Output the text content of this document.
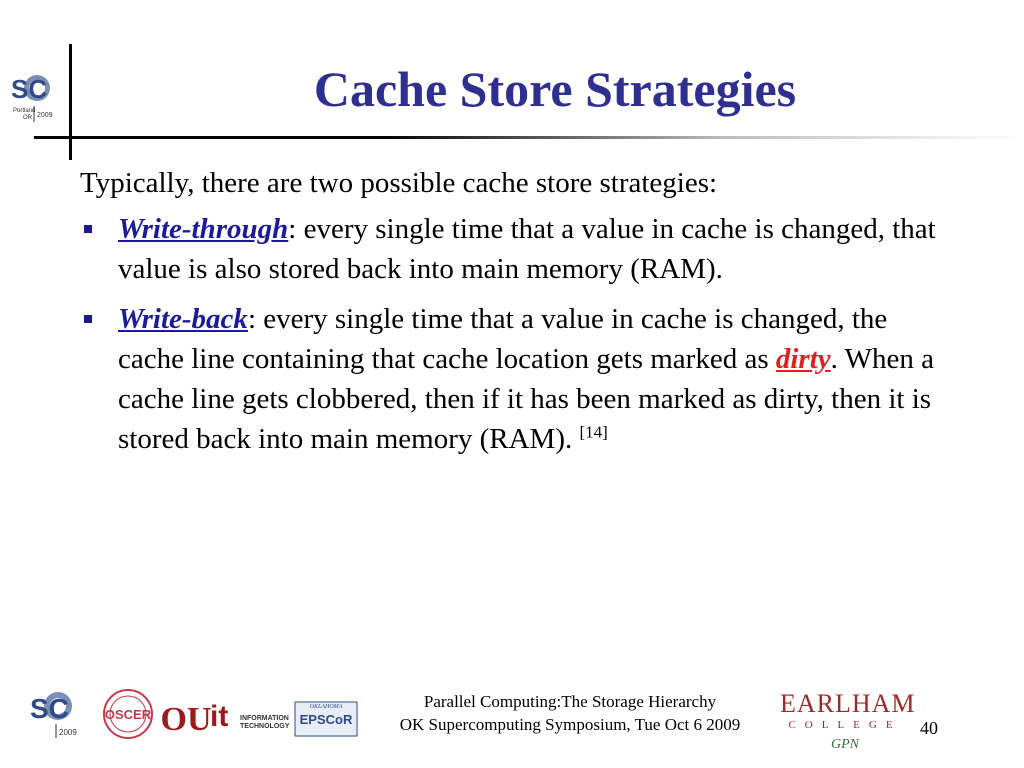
SC
Portland
OR 2009	Cache Store Strategies

Typically, there are two possible cache store strategies:

Write-through: every single time that a value in cache is changed, that value is also stored back into main memory (RAM).
Write-back: every single time that a value in cache is changed, the cache line containing that cache location gets marked as dirty. When a cache line gets clobbered, then if it has been marked as dirty, then it is stored back into main memory (RAM). [14]
SC
2009
OSCER OU
it INFORMATION
TECHNOLOGY
OKLAHOMA
EPSCoR
Parallel Computing:The Storage Hierarchy
OK Supercomputing Symposium, Tue Oct 6 2009
EARLHAM
COLLEGE
GPN
40
